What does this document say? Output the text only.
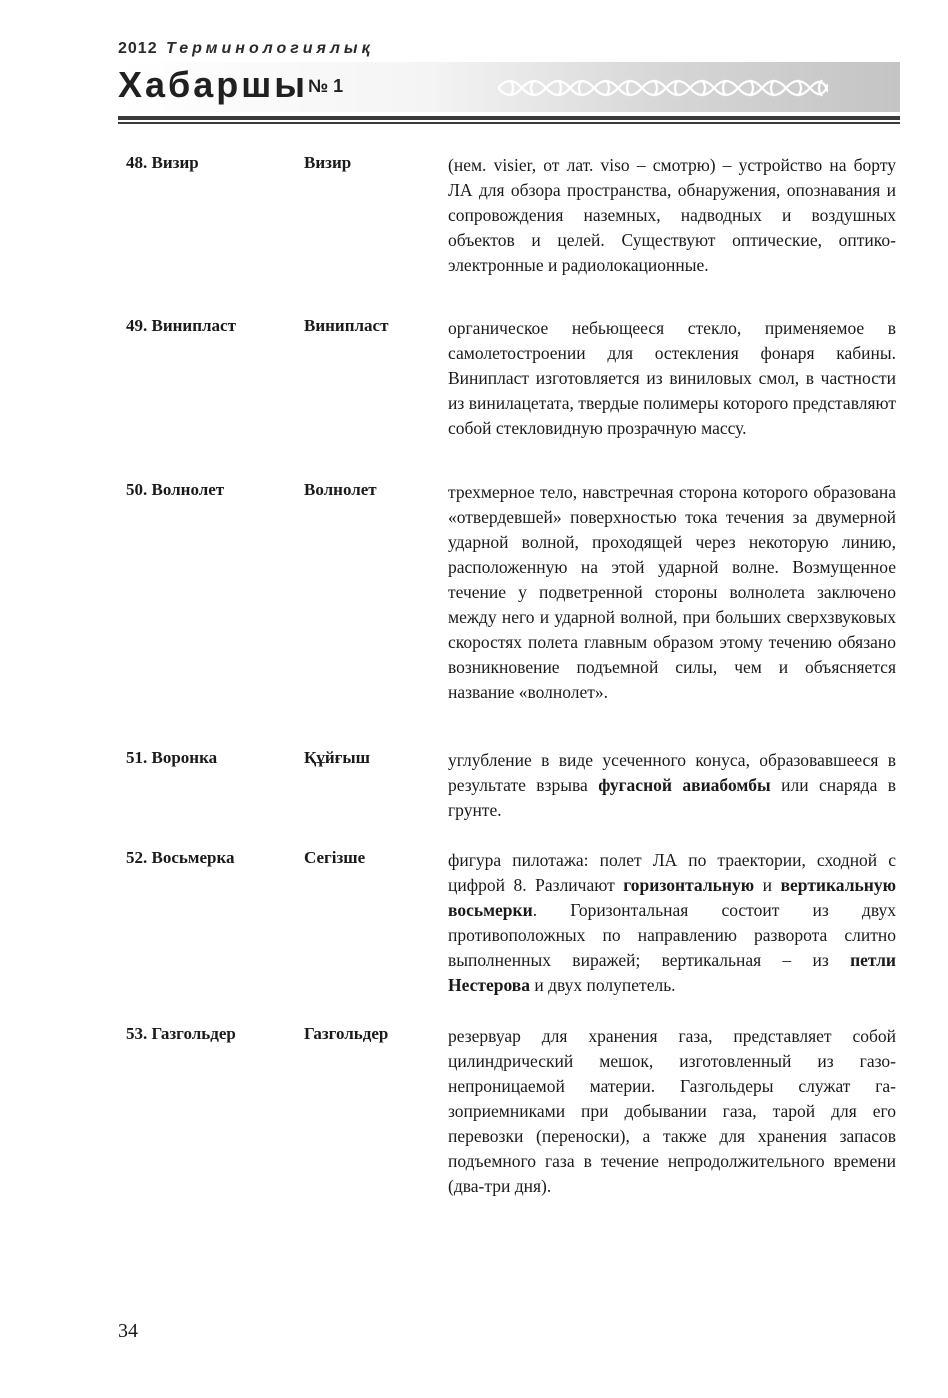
2012 Терминологиялық
Хабаршы № 1
48. Визир	Визир	(нем. visier, от лат. viso – смотрю) – устройство на борту ЛА для обзора пространства, обнаружения, опознавания и сопровождения наземных, надводных и воздушных объектов и целей. Существуют оптические, оптико-электронные и радиолокационные.
49. Винипласт	Винипласт	органическое небьющееся стекло, применяемое в самолетостроении для остекления фонаря кабины. Винипласт изготовляется из виниловых смол, в частности из винилацетата, твердые полимеры которого представляют собой стекловидную прозрачную массу.
50. Волнолет	Волнолет	трехмерное тело, навстречная сторона которого образована «отвердевшей» поверхностью тока течения за двумерной ударной волной, проходящей через некоторую линию, расположенную на этой ударной волне. Возмущенное течение у подветренной стороны волнолета заключено между него и ударной волной, при больших сверхзвуковых скоростях полета главным образом этому течению обязано возникновение подъемной силы, чем и объясняется название «волнолет».
51. Воронка	Құйғыш	углубление в виде усеченного конуса, образовавшееся в результате взрыва фугасной авиабомбы или снаряда в грунте.
52. Восьмерка	Сегізше	фигура пилотажа: полет ЛА по траектории, сходной с цифрой 8. Различают горизонтальную и вертикальную восьмерки. Горизонтальная состоит из двух противоположных по направлению разворота слитно выполненных виражей; вертикальная – из петли Нестерова и двух полупетель.
53. Газгольдер	Газгольдер	резервуар для хранения газа, представляет собой цилиндрический мешок, изготовленный из газонепроницаемой материи. Газгольдеры служат газоприемниками при добывании газа, тарой для его перевозки (переноски), а также для хранения запасов подъемного газа в течение непродолжительного времени (два-три дня).
34
